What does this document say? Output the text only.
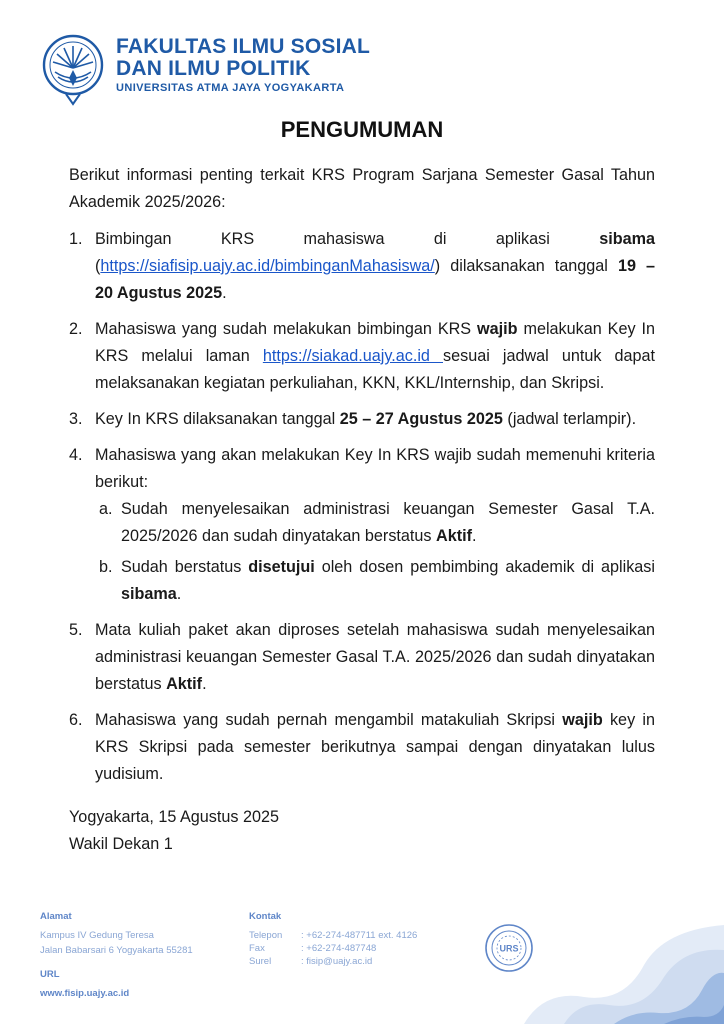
FAKULTAS ILMU SOSIAL
DAN ILMU POLITIK
UNIVERSITAS ATMA JAYA YOGYAKARTA
PENGUMUMAN

Berikut informasi penting terkait KRS Program Sarjana Semester Gasal Tahun Akademik 2025/2026:

1. Bimbingan KRS mahasiswa di aplikasi sibama (https://siafisip.uajy.ac.id/bimbinganMahasiswa/) dilaksanakan tanggal 19 – 20 Agustus 2025.
2. Mahasiswa yang sudah melakukan bimbingan KRS wajib melakukan Key In KRS melalui laman https://siakad.uajy.ac.id sesuai jadwal untuk dapat melaksanakan kegiatan perkuliahan, KKN, KKL/Internship, dan Skripsi.
3. Key In KRS dilaksanakan tanggal 25 – 27 Agustus 2025 (jadwal terlampir).
4. Mahasiswa yang akan melakukan Key In KRS wajib sudah memenuhi kriteria berikut:
a. Sudah menyelesaikan administrasi keuangan Semester Gasal T.A. 2025/2026 dan sudah dinyatakan berstatus Aktif.
b. Sudah berstatus disetujui oleh dosen pembimbing akademik di aplikasi sibama.
5. Mata kuliah paket akan diproses setelah mahasiswa sudah menyelesaikan administrasi keuangan Semester Gasal T.A. 2025/2026 dan sudah dinyatakan berstatus Aktif.
6. Mahasiswa yang sudah pernah mengambil matakuliah Skripsi wajib key in KRS Skripsi pada semester berikutnya sampai dengan dinyatakan lulus yudisium.
Yogyakarta, 15 Agustus 2025
Wakil Dekan 1
Alamat
Kampus IV Gedung Teresa
Jalan Babarsari 6 Yogyakarta 55281
URL
www.fisip.uajy.ac.id
Kontak
Telepon	: +62-274-487711 ext. 4126
Fax	: +62-274-487748
Surel	: fisip@uajy.ac.id
URS
